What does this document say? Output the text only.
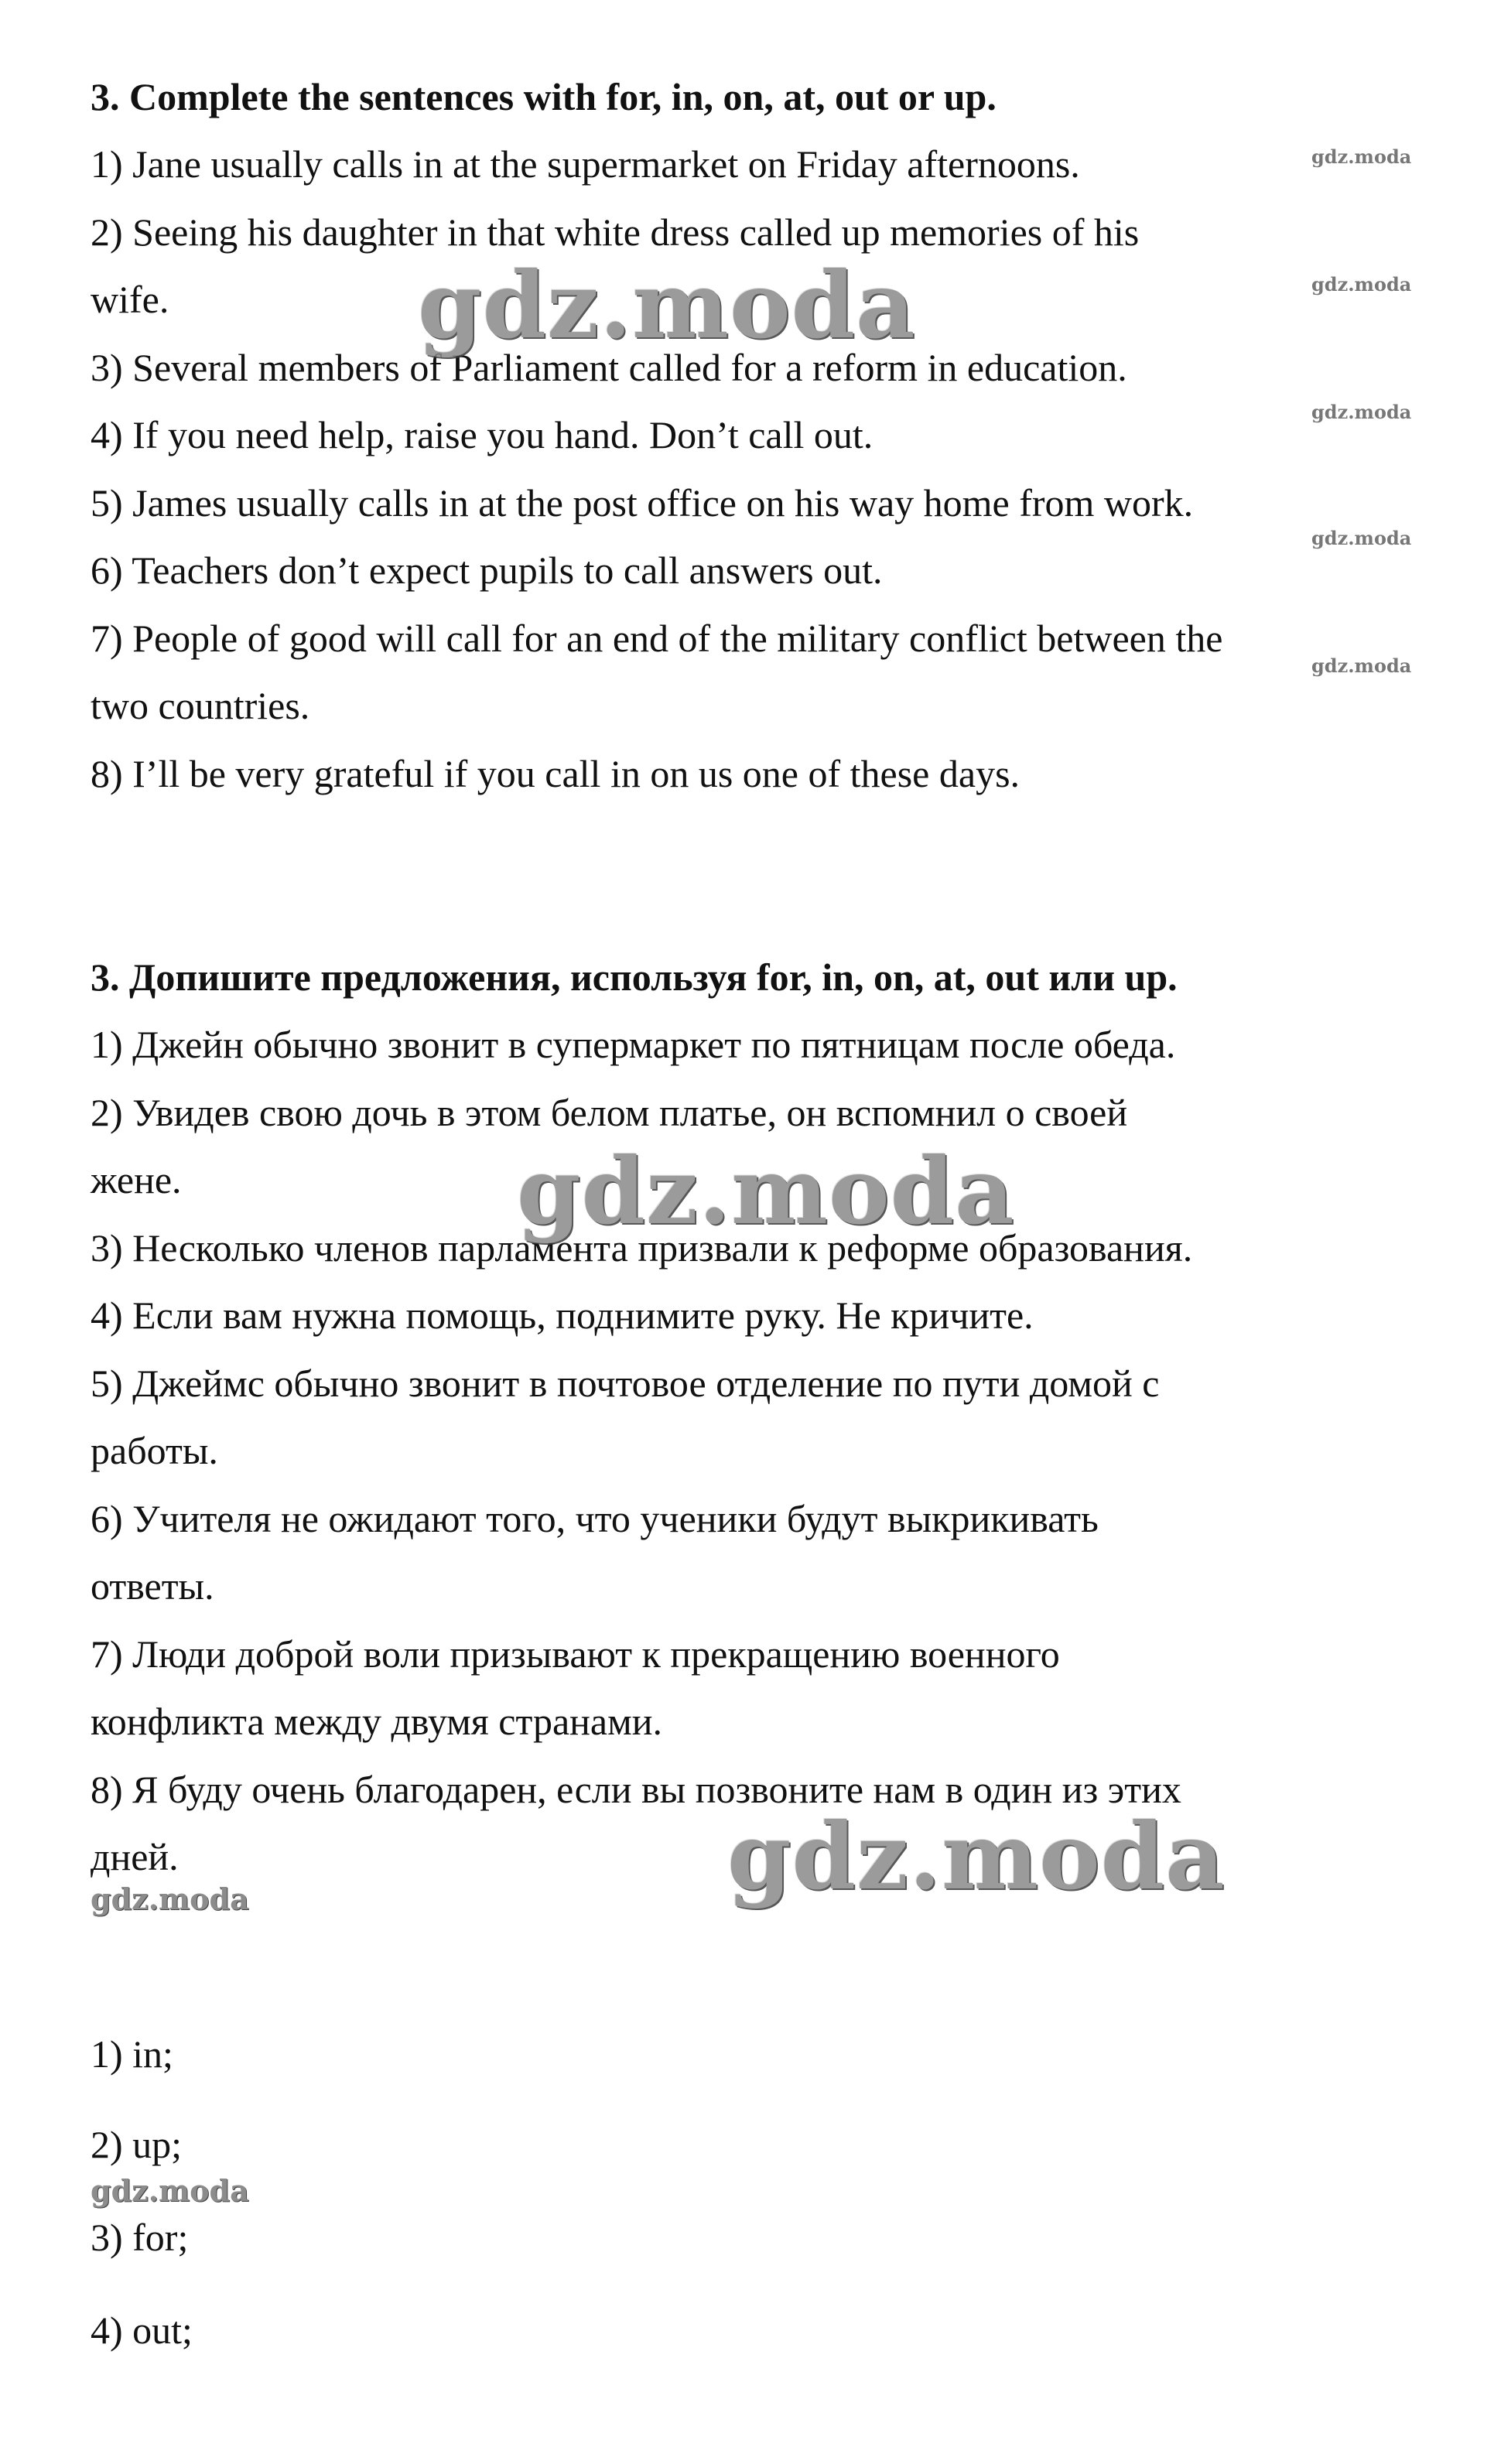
3. Complete the sentences with for, in, on, at, out or up.
1) Jane usually calls in at the supermarket on Friday afternoons.
2) Seeing his daughter in that white dress called up memories of his
wife.
3) Several members of Parliament called for a reform in education.
4) If you need help, raise you hand. Don’t call out.
5) James usually calls in at the post office on his way home from work.
6) Teachers don’t expect pupils to call answers out.
7) People of good will call for an end of the military conflict between the
two countries.
8) I’ll be very grateful if you call in on us one of these days.
3. Допишите предложения, используя for, in, on, at, out или up.
1) Джейн обычно звонит в супермаркет по пятницам после обеда.
2) Увидев свою дочь в этом белом платье, он вспомнил о своей
жене.
3) Несколько членов парламента призвали к реформе образования.
4) Если вам нужна помощь, поднимите руку. Не кричите.
5) Джеймс обычно звонит в почтовое отделение по пути домой с
работы.
6) Учителя не ожидают того, что ученики будут выкрикивать
ответы.
7) Люди доброй воли призывают к прекращению военного
конфликта между двумя странами.
8) Я буду очень благодарен, если вы позвоните нам в один из этих
дней.
1) in;
2) up;
3) for;
4) out;
gdz.moda
gdz.moda
gdz.moda
gdz.moda
gdz.moda
gdz.moda
gdz.moda
gdz.moda
gdz.moda
gdz.moda
